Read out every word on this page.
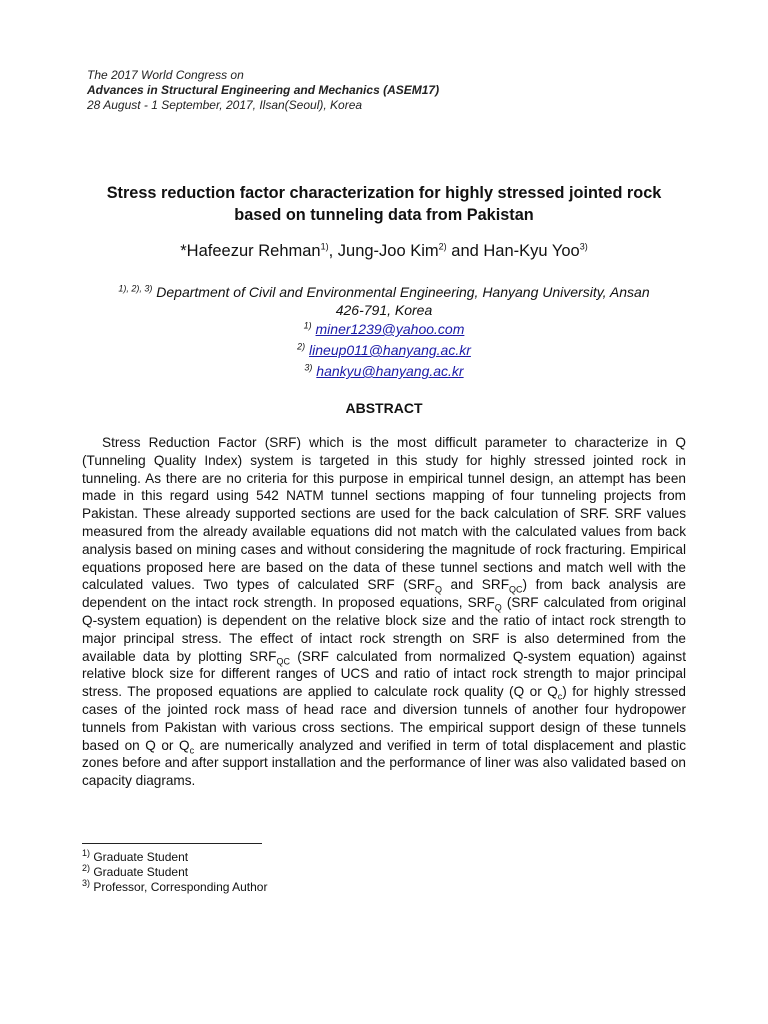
The 2017 World Congress on
Advances in Structural Engineering and Mechanics (ASEM17)
28 August - 1 September, 2017, Ilsan(Seoul), Korea
Stress reduction factor characterization for highly stressed jointed rock
based on tunneling data from Pakistan
*Hafeezur Rehman$^{1)}$, Jung-Joo Kim$^{2)}$ and Han-Kyu Yoo$^{3)}$
$^{1), 2), 3)}$ Department of Civil and Environmental Engineering, Hanyang University, Ansan
426-791, Korea
$^{1)}$ miner1239@yahoo.com
$^{2)}$ lineup011@hanyang.ac.kr
$^{3)}$ hankyu@hanyang.ac.kr
ABSTRACT
Stress Reduction Factor (SRF) which is the most difficult parameter to characterize in Q (Tunneling Quality Index) system is targeted in this study for highly stressed jointed rock in tunneling. As there are no criteria for this purpose in empirical tunnel design, an attempt has been made in this regard using 542 NATM tunnel sections mapping of four tunneling projects from Pakistan. These already supported sections are used for the back calculation of SRF. SRF values measured from the already available equations did not match with the calculated values from back analysis based on mining cases and without considering the magnitude of rock fracturing. Empirical equations proposed here are based on the data of these tunnel sections and match well with the calculated values. Two types of calculated SRF ($SRF_Q$ and $SRF_{QC}$) from back analysis are dependent on the intact rock strength. In proposed equations, $SRF_Q$ (SRF calculated from original Q-system equation) is dependent on the relative block size and the ratio of intact rock strength to major principal stress. The effect of intact rock strength on SRF is also determined from the available data by plotting $SRF_{QC}$ (SRF calculated from normalized Q-system equation) against relative block size for different ranges of UCS and ratio of intact rock strength to major principal stress. The proposed equations are applied to calculate rock quality (Q or $Q_c$) for highly stressed cases of the jointed rock mass of head race and diversion tunnels of another four hydropower tunnels from Pakistan with various cross sections. The empirical support design of these tunnels based on Q or $Q_c$ are numerically analyzed and verified in term of total displacement and plastic zones before and after support installation and the performance of liner was also validated based on capacity diagrams.
$^{1)}$ Graduate Student
$^{2)}$ Graduate Student
$^{3)}$ Professor, Corresponding Author
